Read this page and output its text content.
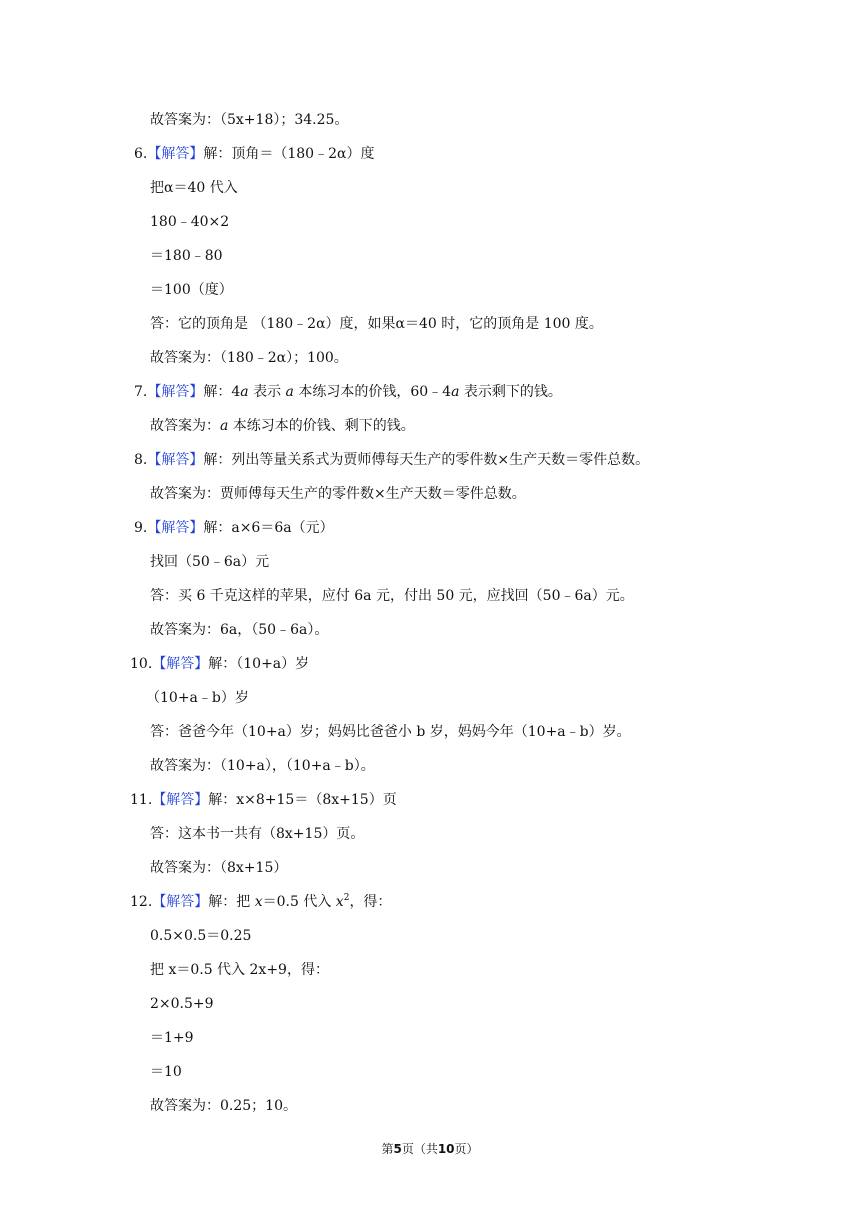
故答案为：（5x+18）；34.25。
6.【解答】解：顶角＝（180﹣2α）度
把α＝40 代入
180﹣40×2
＝180﹣80
＝100（度）
答：它的顶角是 （180﹣2α）度，如果α＝40 时，它的顶角是 100 度。
故答案为：（180﹣2α）；100。
7.【解答】解：4a 表示 a 本练习本的价钱，60﹣4a 表示剩下的钱。
故答案为：a 本练习本的价钱、剩下的钱。
8.【解答】解：列出等量关系式为贾师傅每天生产的零件数×生产天数＝零件总数。
故答案为：贾师傅每天生产的零件数×生产天数＝零件总数。
9.【解答】解：a×6＝6a（元）
找回（50﹣6a）元
答：买 6 千克这样的苹果，应付 6a 元，付出 50 元，应找回（50﹣6a）元。
故答案为：6a，（50﹣6a）。
10.【解答】解：（10+a）岁
（10+a﹣b）岁
答：爸爸今年（10+a）岁；妈妈比爸爸小 b 岁，妈妈今年（10+a﹣b）岁。
故答案为：（10+a），（10+a﹣b）。
11.【解答】解：x×8+15＝（8x+15）页
答：这本书一共有（8x+15）页。
故答案为：（8x+15）
12.【解答】解：把 x＝0.5 代入 $x^2$，得：
0.5×0.5＝0.25
把 x＝0.5 代入 2x+9，得：
2×0.5+9
＝1+9
＝10
故答案为：0.25；10。
第5页（共10页）
